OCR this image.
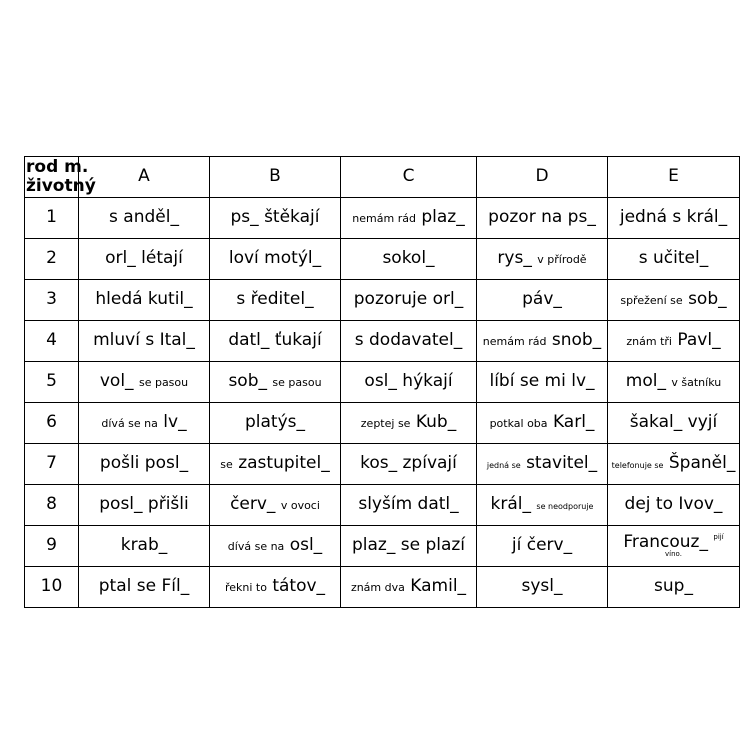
rod m.
životný	A	B	C	D	E
1	s anděl_	ps_ štěkají	nemám rád plaz_	pozor na ps_	jedná s král_
2	orl_ létají	loví motýl_	sokol_	rys_ v přírodě	s učitel_
3	hledá kutil_	s ředitel_	pozoruje orl_	páv_	spřežení se sob_
4	mluví s Ital_	datl_ ťukají	s dodavatel_	nemám rád snob_	znám tři Pavl_
5	vol_ se pasou	sob_ se pasou	osl_ hýkají	líbí se mi lv_	mol_ v šatníku
6	dívá se na lv_	platýs_	zeptej se Kub_	potkal oba Karl_	šakal_ vyjí
7	pošli posl_	se zastupitel_	kos_ zpívají	jedná se stavitel_	telefonuje se Španěl_
8	posl_ přišli	červ_ v ovoci	slyším datl_	král_ se neodporuje	dej to Ivov_
9	krab_	dívá se na osl_	plaz_ se plazí	jí červ_	Francouz_ $^{pijí}$
víno.

10	ptal se Fíl_	řekni to tátov_	znám dva Kamil_	sysl_	sup_
